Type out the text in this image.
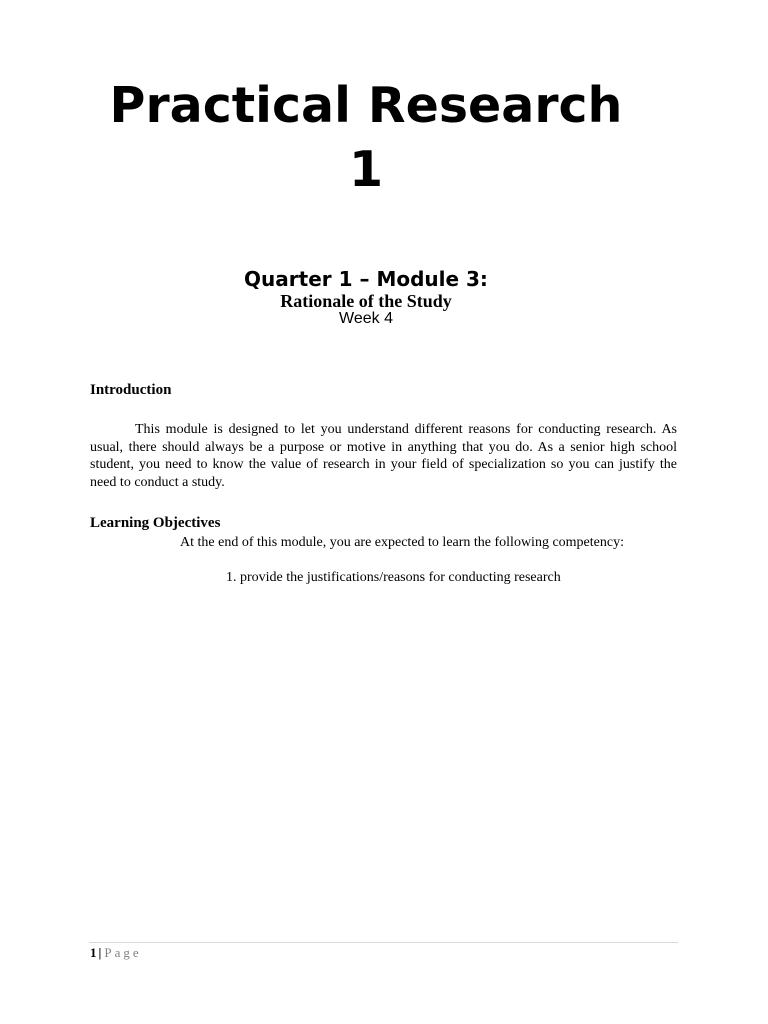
Practical Research
1
Quarter 1 – Module 3:
Rationale of the Study
Week 4
Introduction

This module is designed to let you understand different reasons for conducting research. As usual, there should always be a purpose or motive in anything that you do. As a senior high school student, you need to know the value of research in your field of specialization so you can justify the need to conduct a study.

Learning Objectives

At the end of this module, you are expected to learn the following competency:

1. provide the justifications/reasons for conducting research

1 | Page
